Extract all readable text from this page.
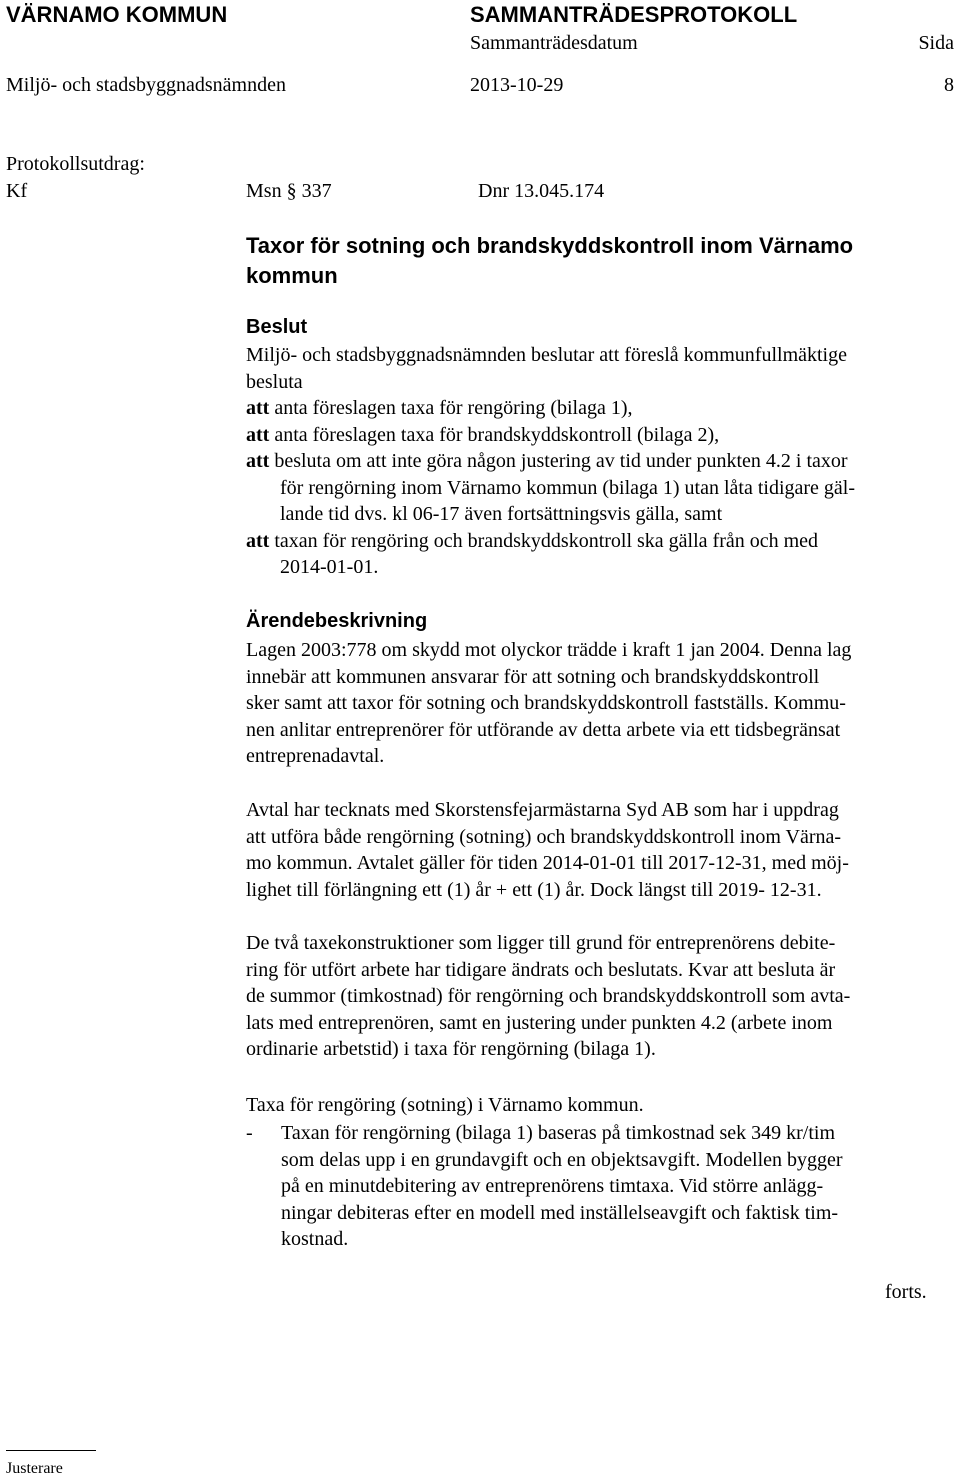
VÄRNAMO KOMMUN	SAMMANTRÄDESPROTOKOLL
Sammanträdesdatum	Sida
Miljö- och stadsbyggnadsnämnden	2013-10-29	8
Protokollsutdrag:
Kf	Msn § 337	Dnr 13.045.174
Taxor för sotning och brandskyddskontroll inom Värnamo
kommun
Beslut
Miljö- och stadsbyggnadsnämnden beslutar att föreslå kommunfullmäktige
besluta
att anta föreslagen taxa för rengöring (bilaga 1),
att anta föreslagen taxa för brandskyddskontroll (bilaga 2),
att besluta om att inte göra någon justering av tid under punkten 4.2 i taxor
för rengörning inom Värnamo kommun (bilaga 1) utan låta tidigare gäl-
lande tid dvs. kl 06-17 även fortsättningsvis gälla, samt
att taxan för rengöring och brandskyddskontroll ska gälla från och med
2014-01-01.
Ärendebeskrivning
Lagen 2003:778 om skydd mot olyckor trädde i kraft 1 jan 2004. Denna lag
innebär att kommunen ansvarar för att sotning och brandskyddskontroll
sker samt att taxor för sotning och brandskyddskontroll fastställs. Kommu-
nen anlitar entreprenörer för utförande av detta arbete via ett tidsbegränsat
entreprenadavtal.
Avtal har tecknats med Skorstensfejarmästarna Syd AB som har i uppdrag
att utföra både rengörning (sotning) och brandskyddskontroll inom Värna-
mo kommun. Avtalet gäller för tiden 2014-01-01 till 2017-12-31, med möj-
lighet till förlängning ett (1) år + ett (1) år. Dock längst till 2019- 12-31.
De två taxekonstruktioner som ligger till grund för entreprenörens debite-
ring för utfört arbete har tidigare ändrats och beslutats. Kvar att besluta är
de summor (timkostnad) för rengörning och brandskyddskontroll som avta-
lats med entreprenören, samt en justering under punkten 4.2 (arbete inom
ordinarie arbetstid) i taxa för rengörning (bilaga 1).
Taxa för rengöring (sotning) i Värnamo kommun.
- Taxan för rengörning (bilaga 1) baseras på timkostnad sek 349 kr/tim
som delas upp i en grundavgift och en objektsavgift. Modellen bygger
på en minutdebitering av entreprenörens timtaxa. Vid större anlägg-
ningar debiteras efter en modell med inställelseavgift och faktisk tim-
kostnad.
forts.
Justerare
